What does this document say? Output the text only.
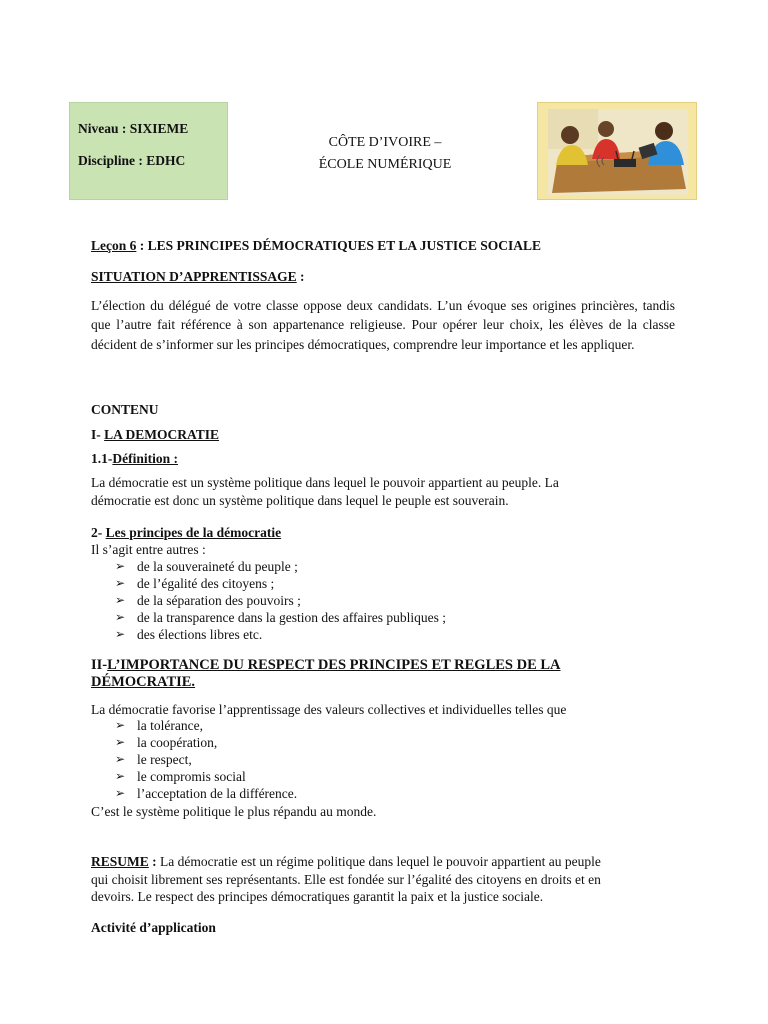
Niveau : SIXIEME
Discipline : EDHC
CÔTE D’IVOIRE –
ÉCOLE NUMÉRIQUE
Leçon 6 : LES PRINCIPES DÉMOCRATIQUES ET LA JUSTICE SOCIALE
SITUATION D’APPRENTISSAGE :
L’élection du délégué de votre classe oppose deux candidats. L’un évoque ses origines princières, tandis que l’autre fait référence à son appartenance religieuse. Pour opérer leur choix, les élèves de la classe décident de s’informer sur les principes démocratiques, comprendre leur importance et les appliquer.
CONTENU
I- LA DEMOCRATIE
1.1-Définition :
La démocratie est un système politique dans lequel le pouvoir appartient au peuple. La
démocratie est donc un système politique dans lequel le peuple est souverain.
2- Les principes de la démocratie
Il s’agit entre autres :
➢ de la souveraineté du peuple ;
➢ de l’égalité des citoyens ;
➢ de la séparation des pouvoirs ;
➢ de la transparence dans la gestion des affaires publiques ;
➢ des élections libres etc.
II-L’IMPORTANCE DU RESPECT DES PRINCIPES ET REGLES DE LA
DÉMOCRATIE.
La démocratie favorise l’apprentissage des valeurs collectives et individuelles telles que
➢ la tolérance,
➢ la coopération,
➢ le respect,
➢ le compromis social
➢ l’acceptation de la différence.
C’est le système politique le plus répandu au monde.
RESUME : La démocratie est un régime politique dans lequel le pouvoir appartient au peuple
qui choisit librement ses représentants. Elle est fondée sur l’égalité des citoyens en droits et en
devoirs. Le respect des principes démocratiques garantit la paix et la justice sociale.
Activité d’application
